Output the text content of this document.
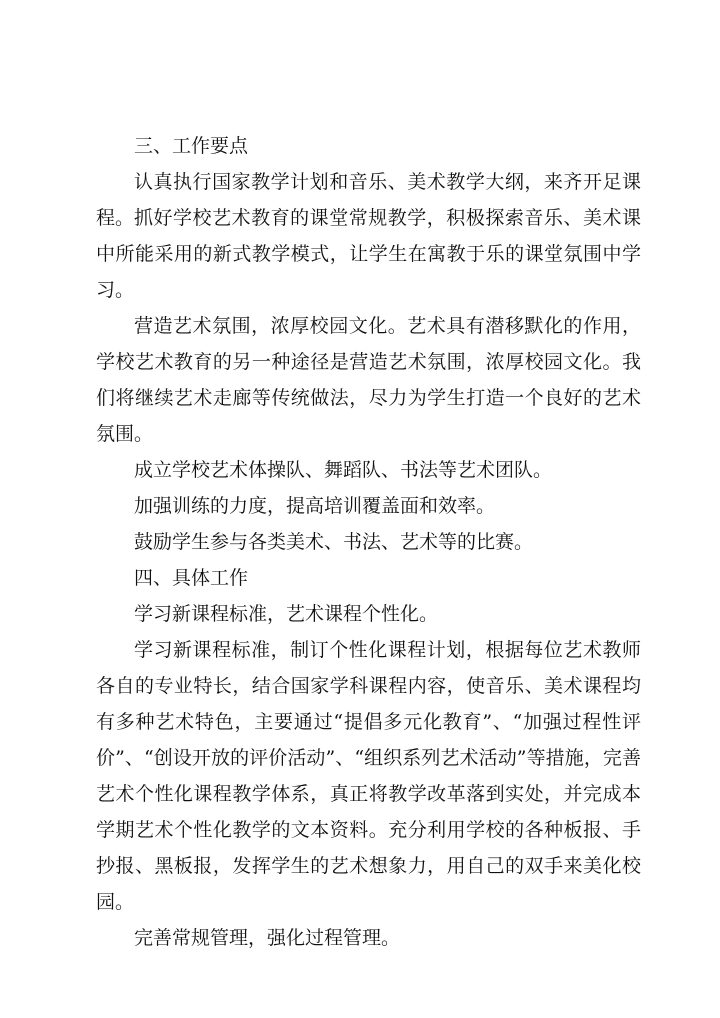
三、工作要点

认真执行国家教学计划和音乐、美术教学大纲，来齐开足课程。 抓好学校艺术教育的课堂常规教学，积极探索音乐、美术课中所能采用的新式教学模式，让学生在寓教于乐的课堂氛围中学习。

营造艺术氛围，浓厚校园文化。艺术具有潜移默化的作用，学校艺术教育的另一种途径是营造艺术氛围，浓厚校园文化。我们将继续艺术走廊等传统做法，尽力为学生打造一个良好的艺术氛围。

成立学校艺术体操队、舞蹈队、书法等艺术团队。

加强训练的力度，提高培训覆盖面和效率。

鼓励学生参与各类美术、书法、艺术等的比赛。

四、具体工作

学习新课程标准，艺术课程个性化。

学习新课程标准，制订个性化课程计划，根据每位艺术教师各自的专业特长，结合国家学科课程内容，使音乐、美术课程均有多种艺术特色，主要通过“提倡多元化教育”、“加强过程性评价”、“创设开放的评价活动”、“组织系列艺术活动”等措施，完善艺术个性化课程教学体系，真正将教学改革落到实处，并完成本学期艺术个性化教学的文本资料。充分利用学校的各种板报、手抄报、黑板报，发挥学生的艺术想象力，用自己的双手来美化校园。

完善常规管理，强化过程管理。
